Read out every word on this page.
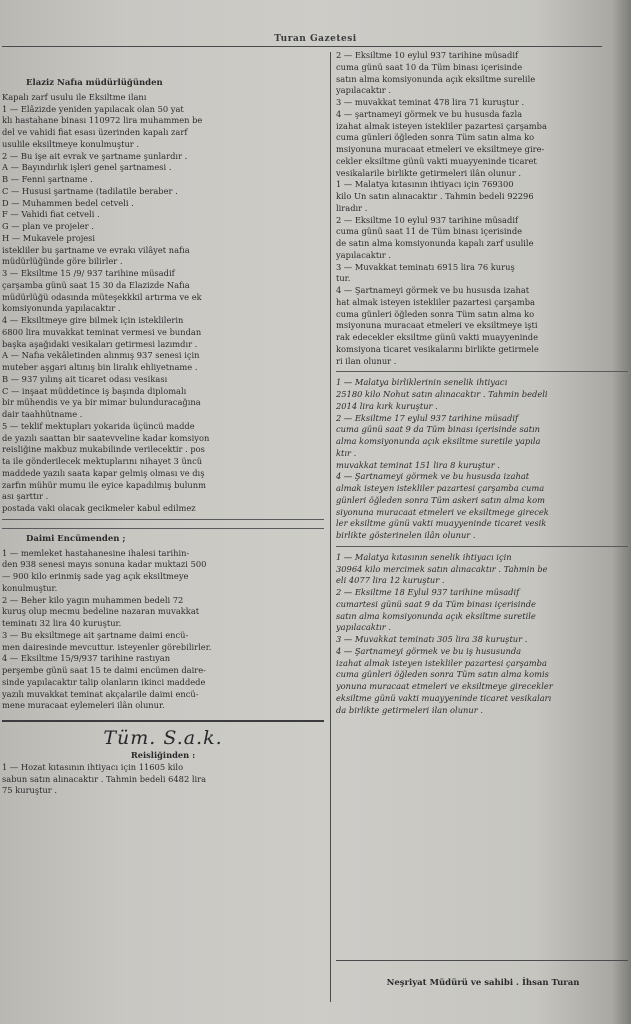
Turan Gazetesi

Elaziz Nafıa müdürlüğünden

Kapalı zarf usulu ile Eksiltme ilanı

1 — Elâzizde yeniden yapılacak olan 50 yat

klı hastahane binası 110972 lira muhammen be

del ve vahidi fiat esası üzerinden kapalı zarf

usulile eksiltmeye konulmuştur .

2 — Bu işe ait evrak ve şartname şunlardır .

A — Bayındırlık işleri genel şartnamesi .

B — Fenni şartname .

C — Hususi şartname (tadilatile beraber .

D — Muhammen bedel cetveli .

F — Vahidi fiat cetveli .

G — plan ve projeler .

H — Mukavele projesi

istekliler bu şartname ve evrakı vilâyet nafıa

müdürlüğünde göre bilirler .

3 — Eksiltme 15 /9/ 937 tarihine müsadif

çarşamba günü saat 15 30 da Elazizde Nafıa

müdürlüğü odasında müteşekkkil artırma ve ek

komsiyonunda yapılacaktır .

4 — Eksiltmeye gire bilmek için isteklilerin

6800 lira muvakkat teminat vermesi ve bundan

başka aşağıdaki vesikaları getirmesi lazımdır .

A — Nafıa vekâletinden alınmış 937 senesi için

muteber aşgari altınış bin liralık ehliyetname .

B — 937 yılınş ait ticaret odası vesikası

C — inşaat müddetince iş başında diplomalı

bir mühendis ve ya bir mimar bulunduracağına

dair taahhütname .

5 — teklif mektupları yokarida üçüncü madde

de yazılı saattan bir saatevveline kadar komsiyon

reisliğine makbuz mukabilinde verilecektir . pos

ta ile gönderilecek mektuplarını nihayet 3 üncü

maddede yazılı saata kapar gelmiş olması ve dış

zarfın mühür mumu ile eyice kapadılmış bulunm

ası şarttır .

postada vaki olacak gecikmeler kabul edilmez

Daimi Encümenden ;

1 — memleket hastahanesine ihalesi tarihin-

den 938 senesi mayıs sonuna kadar muktazi 500

— 900 kilo erinmiş sade yag açık eksiltmeye

konulmuştur.

2 — Beher kilo yagın muhammen bedeli 72

kuruş olup mecmu bedeline nazaran muvakkat

teminatı 32 lira 40 kuruştur.

3 — Bu eksiltmege ait şartname daimi encü-

men dairesinde mevcuttur. isteyenler görebilirler.

4 — Eksiltme 15/9/937 tarihine rastıyan

perşembe günü saat 15 te daimi encümen daire-

sinde yapılacaktır talip olanların ikinci maddede

yazılı muvakkat teminat akçalarile daimi encü-

mene muracaat eylemeleri ilân olunur.

Tüm. S.a.k.

Reisliğinden :

1 — Hozat kıtasının ihtiyacı için 11605 kilo

sabun satın alınacaktır . Tahmin bedeli 6482 lira

75 kuruştur .

2 — Eksiltme 10 eylul 937 tarihine müsadif

cuma günü saat 10 da Tüm binası içerisinde

satın alma komsiyonunda açık eksiltme surelile

yapılacaktır .

3 — muvakkat teminat 478 lira 71 kuruştur .

4 — şartnameyi görmek ve bu hususda fazla

izahat almak isteyen istekliler pazartesi çarşamba

cuma günleri öğleden sonra Tüm satın alma ko

msiyonuna muracaat etmeleri ve eksiltmeye gire-

cekler eksiltme günü vakti muayyeninde ticaret

vesikalarile birlikte getirmeleri ilân olunur .

1 — Malatya kıtasının ihtiyacı için 769300

kilo Un satın alınacaktır . Tahmin bedeli 92296

liradır .

2 — Eksiltme 10 eylul 937 tarihine müsadif

cuma günü saat 11 de Tüm binası içerisinde

de satın alma komsiyonunda kapalı zarf usulile

yapılacaktır .

3 — Muvakkat teminatı 6915 lira 76 kuruş

tur.

4 — Şartnameyi görmek ve bu hususda izahat

hat almak isteyen istekliler pazartesi çarşamba

cuma günleri öğleden sonra Tüm satın alma ko

msiyonuna muracaat etmeleri ve eksiltmeye işti

rak edecekler eksiltme günü vakti muayyeninde

komsiyona ticaret vesikalarını birlikte getirmele

ri ilan olunur .

1 — Malatya birliklerinin senelik ihtiyacı

25180 kilo Nohut satın alınacaktır . Tahmin bedeli

2014 lira kırk kuruştur .

2 — Eksiltme 17 eylul 937 tarihine müsadif

cuma günü saat 9 da Tüm binası içerisinde satın

alma komsiyonunda açık eksiltme suretile yapıla

ktır .

muvakkat teminat 151 lira 8 kuruştur .

4 — Şartnameyi görmek ve bu hususda izahat

almak isteyen istekliler pazartesi çarşamba cuma

günleri öğleden sonra Tüm askeri satın alma kom

siyonuna muracaat etmeleri ve eksiltmege girecek

ler eksiltme günü vakti muayyeninde ticaret vesik

birlikte gösterinelen ilân olunur .

1 — Malatya kıtasının senelik ihtiyacı için

30964 kilo mercimek satın alınacaktır . Tahmin be

eli 4077 lira 12 kuruştur .

2 — Eksiltme 18 Eylul 937 tarihine müsadif

cumartesi günü saat 9 da Tüm binası içerisinde

satın alma komsiyonunda açık eksiltme suretile

yapılacaktır .

3 — Muvakkat teminatı 305 lira 38 kuruştur .

4 — Şartnameyi görmek ve bu iş hususunda

izahat almak isteyen istekliler pazartesi çarşamba

cuma günleri öğleden sonra Tüm satın alma komis

yonuna muracaat etmeleri ve eksiltmeye girecekler

eksiltme günü vakti muayyeninde ticaret vesikaları

da birlikte getirmeleri ilan olunur .

Neşriyat Müdürü ve sahibi . İhsan Turan
